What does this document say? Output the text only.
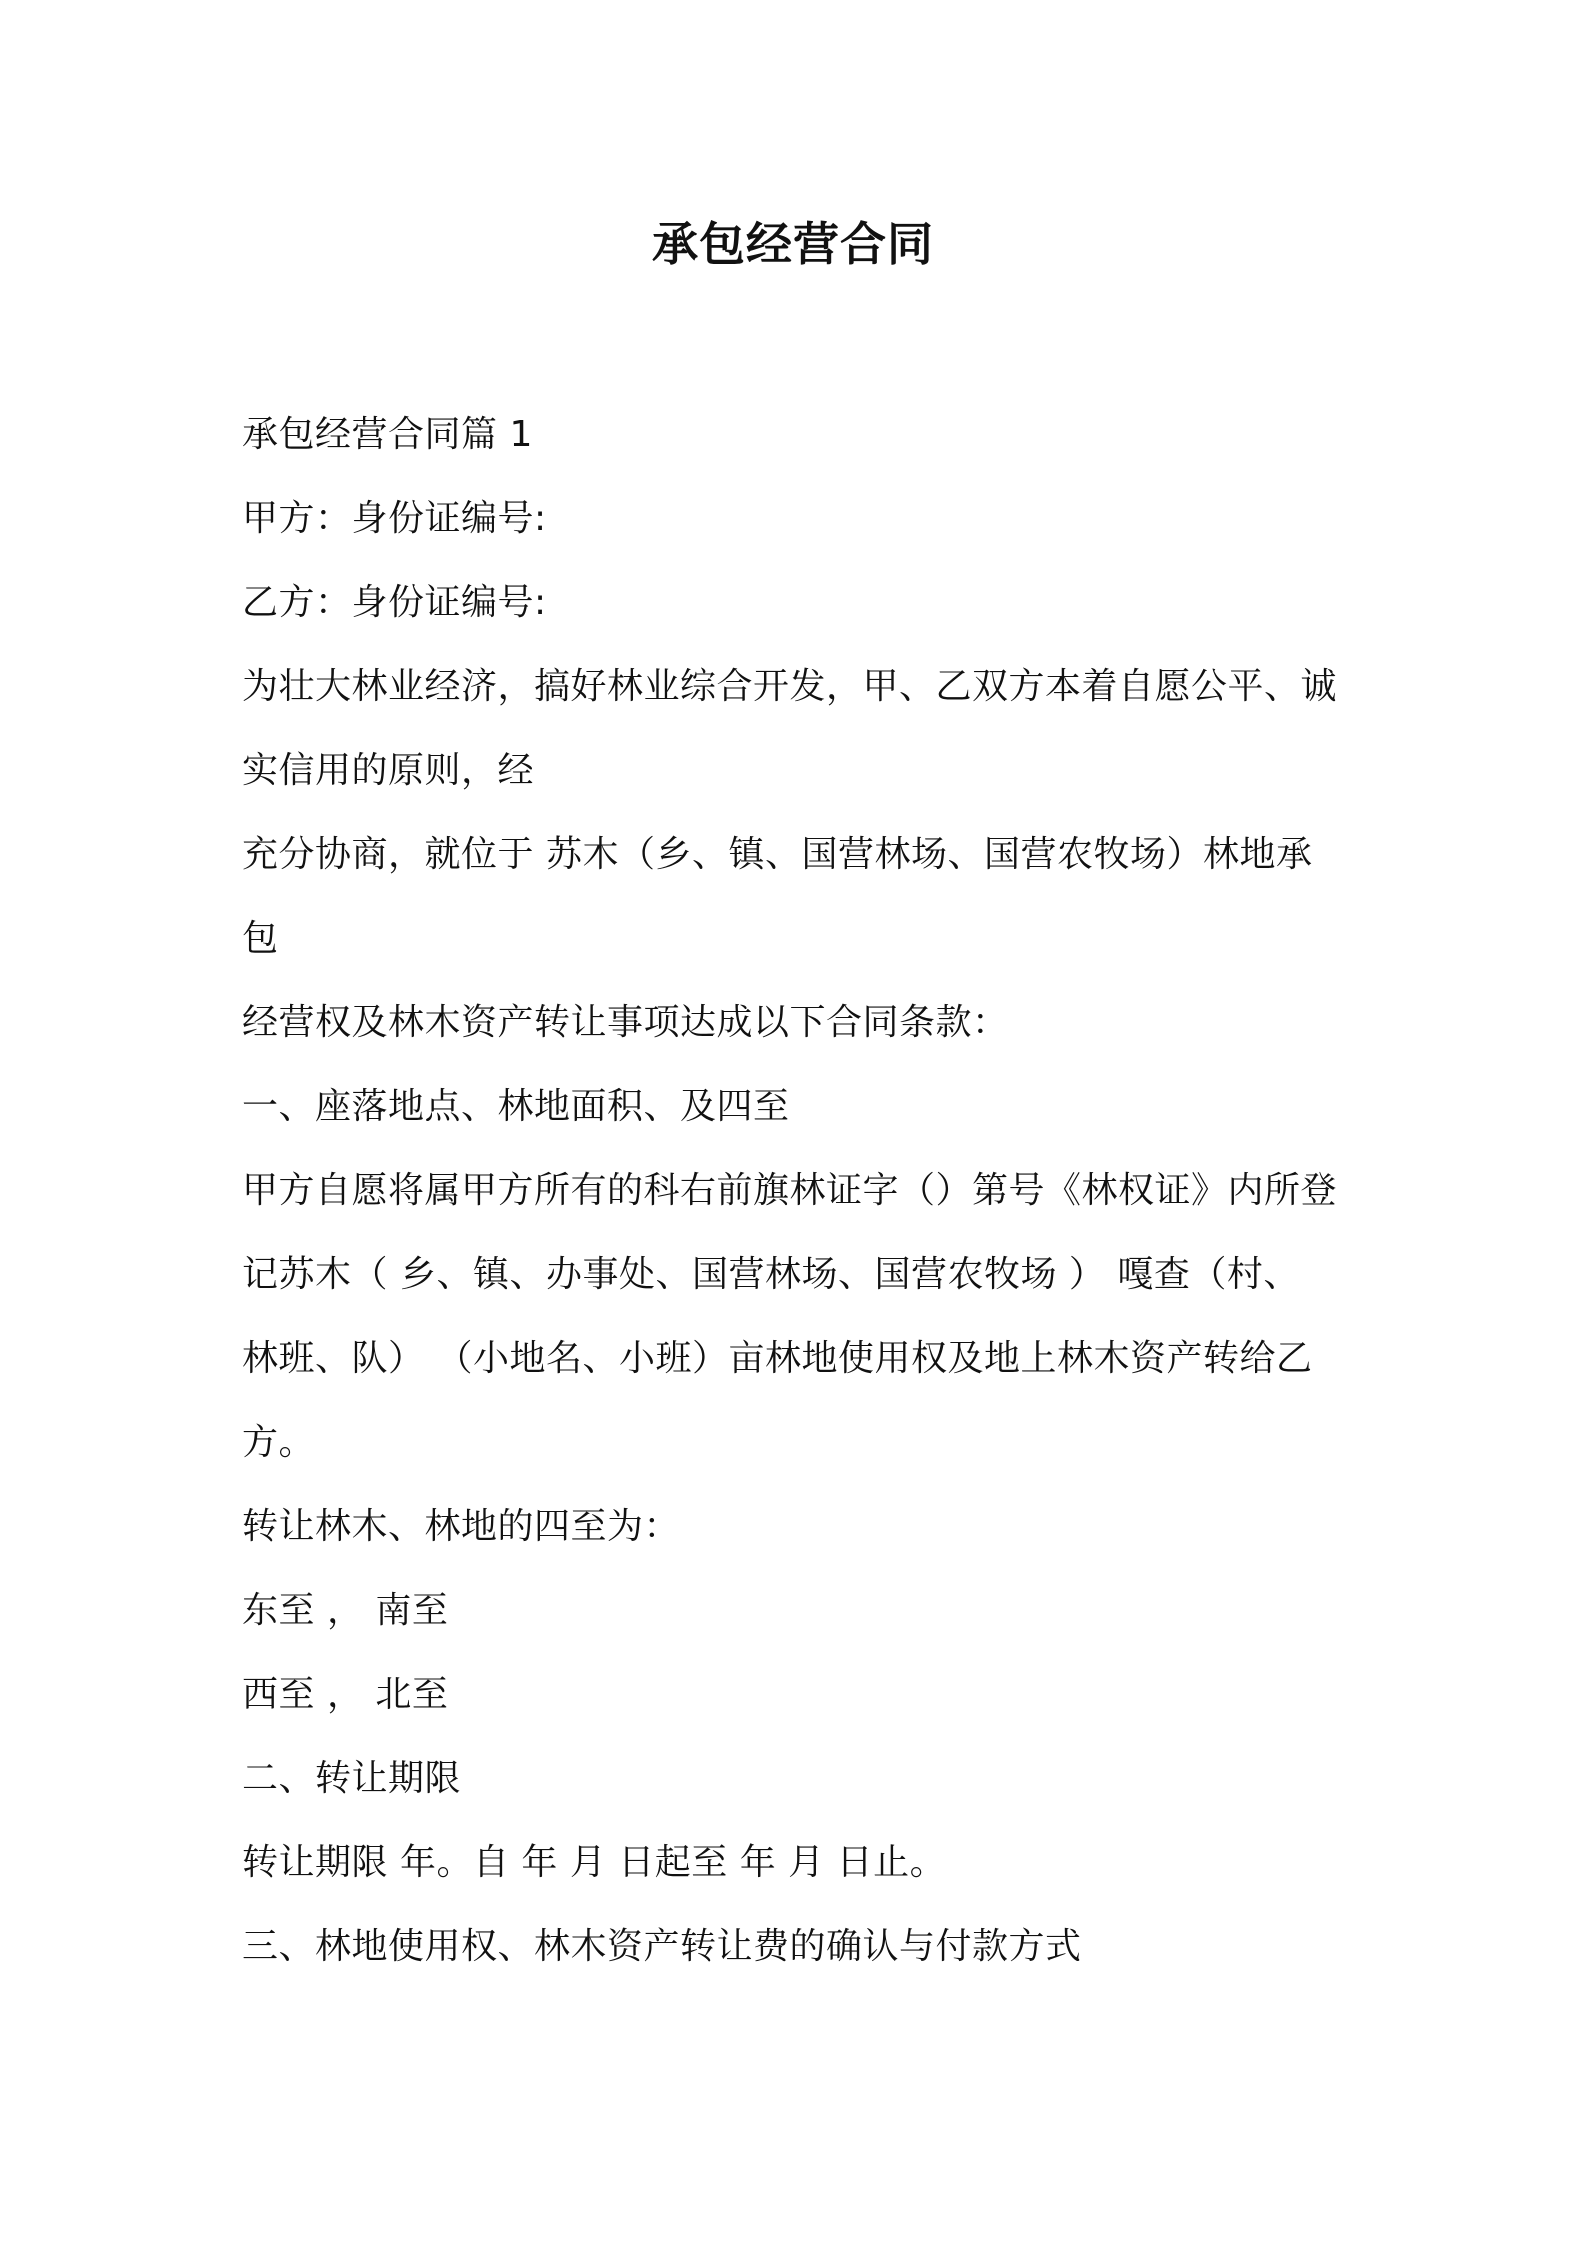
承包经营合同
承包经营合同篇 1
甲方：身份证编号:
乙方：身份证编号:
为壮大林业经济，搞好林业综合开发，甲、乙双方本着自愿公平、诚
实信用的原则，经
充分协商，就位于 苏木（乡、镇、国营林场、国营农牧场）林地承
包
经营权及林木资产转让事项达成以下合同条款：
一、座落地点、林地面积、及四至
甲方自愿将属甲方所有的科右前旗林证字（）第号《林权证》内所登
记苏木（ 乡、镇、办事处、国营林场、国营农牧场 ） 嘎查（村、
林班、队） （小地名、小班）亩林地使用权及地上林木资产转给乙
方。
转让林木、林地的四至为：
东至 ， 南至
西至 ， 北至
二、转让期限
转让期限 年。自 年 月 日起至 年 月 日止。
三、林地使用权、林木资产转让费的确认与付款方式
